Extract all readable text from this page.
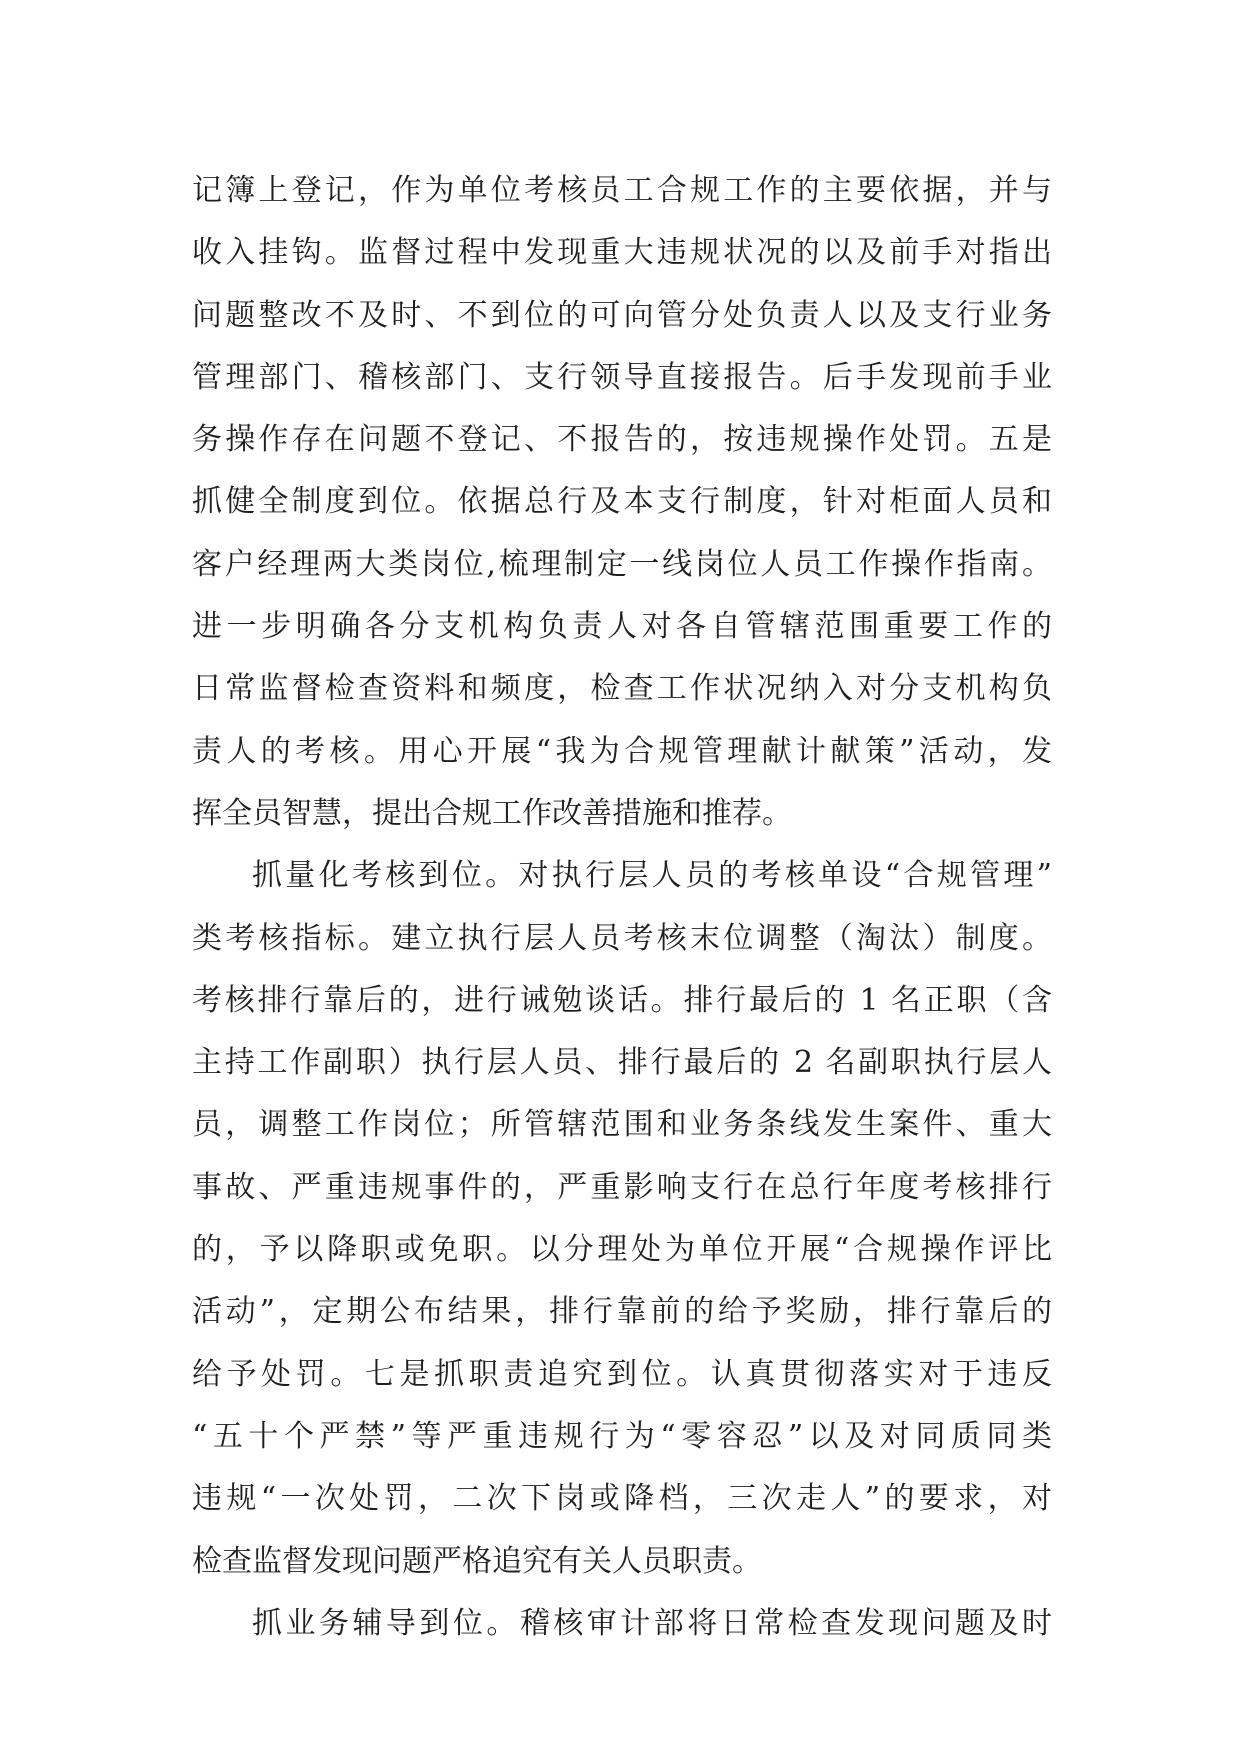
记簿上登记，作为单位考核员工合规工作的主要依据，并与
收入挂钩。监督过程中发现重大违规状况的以及前手对指出
问题整改不及时、不到位的可向管分处负责人以及支行业务
管理部门、稽核部门、支行领导直接报告。后手发现前手业
务操作存在问题不登记、不报告的，按违规操作处罚。五是
抓健全制度到位。依据总行及本支行制度，针对柜面人员和
客户经理两大类岗位,梳理制定一线岗位人员工作操作指南。
进一步明确各分支机构负责人对各自管辖范围重要工作的
日常监督检查资料和频度，检查工作状况纳入对分支机构负
责人的考核。用心开展“我为合规管理献计献策”活动，发
挥全员智慧，提出合规工作改善措施和推荐。
抓量化考核到位。对执行层人员的考核单设“合规管理”
类考核指标。建立执行层人员考核末位调整（淘汰）制度。
考核排行靠后的，进行诫勉谈话。排行最后的 1 名正职（含
主持工作副职）执行层人员、排行最后的 2 名副职执行层人
员，调整工作岗位；所管辖范围和业务条线发生案件、重大
事故、严重违规事件的，严重影响支行在总行年度考核排行
的，予以降职或免职。以分理处为单位开展“合规操作评比
活动”，定期公布结果，排行靠前的给予奖励，排行靠后的
给予处罚。七是抓职责追究到位。认真贯彻落实对于违反
“五十个严禁”等严重违规行为“零容忍”以及对同质同类
违规“一次处罚，二次下岗或降档，三次走人”的要求，对
检查监督发现问题严格追究有关人员职责。
抓业务辅导到位。稽核审计部将日常检查发现问题及时
